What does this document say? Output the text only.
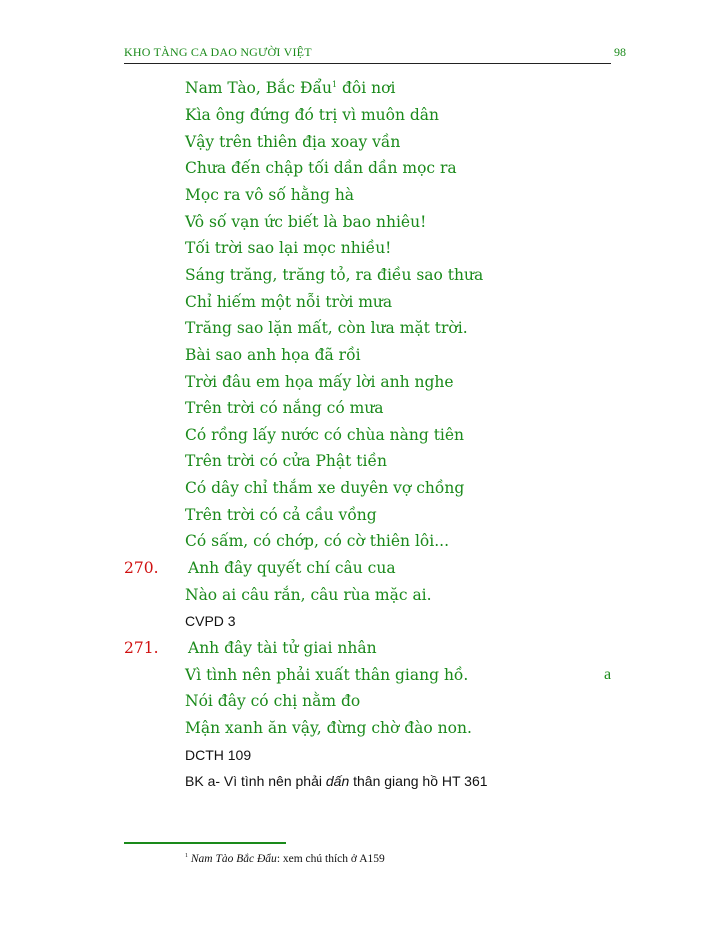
KHO TÀNG CA DAO NGƯỜI VIỆT	98
Nam Tào, Bắc Đẩu$^1$ đôi nơi
Kìa ông đứng đó trị vì muôn dân
Vậy trên thiên địa xoay vần
Chưa đến chập tối dần dần mọc ra
Mọc ra vô số hằng hà
Vô số vạn ức biết là bao nhiêu!
Tối trời sao lại mọc nhiều!
Sáng trăng, trăng tỏ, ra điều sao thưa
Chỉ hiếm một nỗi trời mưa
Trăng sao lặn mất, còn lưa mặt trời.
Bài sao anh họa đã rồi
Trời đâu em họa mấy lời anh nghe
Trên trời có nắng có mưa
Có rồng lấy nước có chùa nàng tiên
Trên trời có cửa Phật tiền
Có dây chỉ thắm xe duyên vợ chồng
Trên trời có cả cầu vồng
Có sấm, có chớp, có cờ thiên lôi...
270. Anh đây quyết chí câu cua
Nào ai câu rắn, câu rùa mặc ai.
CVPD 3
271. Anh đây tài tử giai nhân
Vì tình nên phải xuất thân giang hồ.	a
Nói đây có chị nằm đo
Mận xanh ăn vậy, đừng chờ đào non.
DCTH 109
BK a- Vì tình nên phải dấn thân giang hồ HT 361
$^1$ Nam Tào Bắc Đẩu: xem chú thích ở A159
